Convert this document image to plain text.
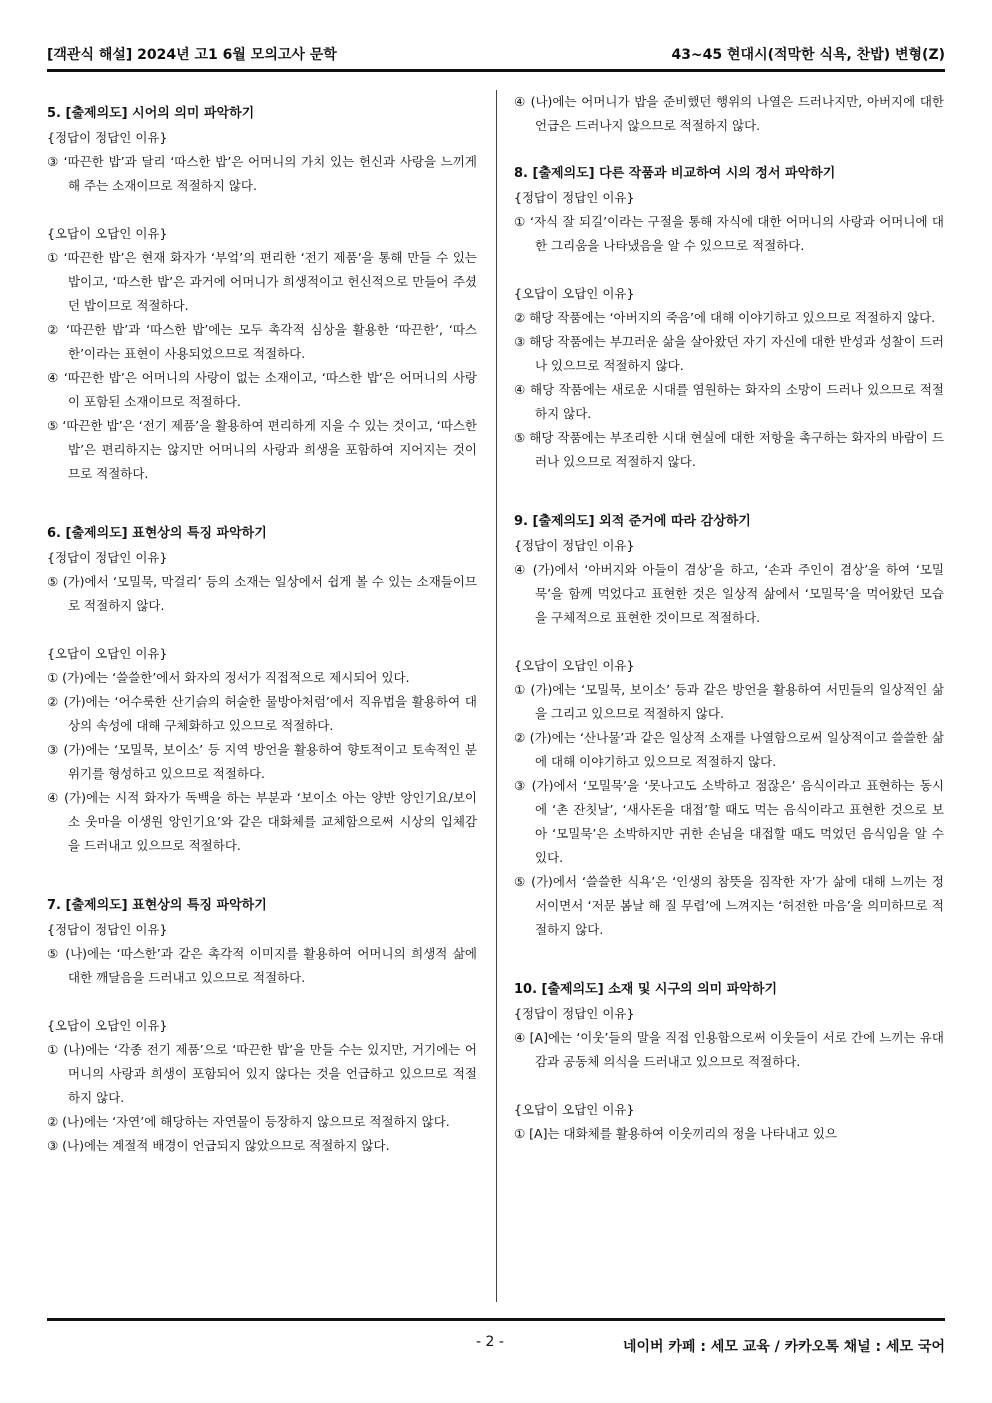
[객관식 해설] 2024년 고1 6월 모의고사 문학	43~45 현대시(적막한 식욕, 찬밥) 변형(Z)
5. [출제의도] 시어의 의미 파악하기
{정답이 정답인 이유}
③ ‘따끈한 밥’과 달리 ‘따스한 밥’은 어머니의 가치 있는 헌신과 사랑을 느끼게 해 주는 소재이므로 적절하지 않다.
{오답이 오답인 이유}
① ‘따끈한 밥’은 현재 화자가 ‘부엌’의 편리한 ‘전기 제품’을 통해 만들 수 있는 밥이고, ‘따스한 밥’은 과거에 어머니가 희생적이고 헌신적으로 만들어 주셨던 밥이므로 적절하다.
② ‘따끈한 밥’과 ‘따스한 밥’에는 모두 촉각적 심상을 활용한 ‘따끈한’, ‘따스한’이라는 표현이 사용되었으므로 적절하다.
④ ‘따끈한 밥’은 어머니의 사랑이 없는 소재이고, ‘따스한 밥’은 어머니의 사랑이 포함된 소재이므로 적절하다.
⑤ ‘따끈한 밥’은 ‘전기 제품’을 활용하여 편리하게 지을 수 있는 것이고, ‘따스한 밥’은 편리하지는 않지만 어머니의 사랑과 희생을 포함하여 지어지는 것이므로 적절하다.
6. [출제의도] 표현상의 특징 파악하기
{정답이 정답인 이유}
⑤ (가)에서 ‘모밀묵, 막걸리’ 등의 소재는 일상에서 쉽게 볼 수 있는 소재들이므로 적절하지 않다.
{오답이 오답인 이유}
① (가)에는 ‘쓸쓸한’에서 화자의 정서가 직접적으로 제시되어 있다.
② (가)에는 ‘어수룩한 산기슭의 허술한 물방아처럼’에서 직유법을 활용하여 대상의 속성에 대해 구체화하고 있으므로 적절하다.
③ (가)에는 ‘모밀묵, 보이소’ 등 지역 방언을 활용하여 향토적이고 토속적인 분위기를 형성하고 있으므로 적절하다.
④ (가)에는 시적 화자가 독백을 하는 부분과 ‘보이소 아는 양반 앙인기요/보이소 웃마을 이생원 앙인기요’와 같은 대화체를 교체함으로써 시상의 입체감을 드러내고 있으므로 적절하다.
7. [출제의도] 표현상의 특징 파악하기
{정답이 정답인 이유}
⑤ (나)에는 ‘따스한’과 같은 촉각적 이미지를 활용하여 어머니의 희생적 삶에 대한 깨달음을 드러내고 있으므로 적절하다.
{오답이 오답인 이유}
① (나)에는 ‘각종 전기 제품’으로 ‘따끈한 밥’을 만들 수는 있지만, 거기에는 어머니의 사랑과 희생이 포함되어 있지 않다는 것을 언급하고 있으므로 적절하지 않다.
② (나)에는 ‘자연’에 해당하는 자연물이 등장하지 않으므로 적절하지 않다.
③ (나)에는 계절적 배경이 언급되지 않았으므로 적절하지 않다.
④ (나)에는 어머니가 밥을 준비했던 행위의 나열은 드러나지만, 아버지에 대한 언급은 드러나지 않으므로 적절하지 않다.
8. [출제의도] 다른 작품과 비교하여 시의 정서 파악하기
{정답이 정답인 이유}
① ‘자식 잘 되길’이라는 구절을 통해 자식에 대한 어머니의 사랑과 어머니에 대한 그리움을 나타냈음을 알 수 있으므로 적절하다.
{오답이 오답인 이유}
② 해당 작품에는 ‘아버지의 죽음’에 대해 이야기하고 있으므로 적절하지 않다.
③ 해당 작품에는 부끄러운 삶을 살아왔던 자기 자신에 대한 반성과 성찰이 드러나 있으므로 적절하지 않다.
④ 해당 작품에는 새로운 시대를 염원하는 화자의 소망이 드러나 있으므로 적절하지 않다.
⑤ 해당 작품에는 부조리한 시대 현실에 대한 저항을 촉구하는 화자의 바람이 드러나 있으므로 적절하지 않다.
9. [출제의도] 외적 준거에 따라 감상하기
{정답이 정답인 이유}
④ (가)에서 ‘아버지와 아들이 겸상’을 하고, ‘손과 주인이 겸상’을 하여 ‘모밀묵’을 함께 먹었다고 표현한 것은 일상적 삶에서 ‘모밀묵’을 먹어왔던 모습을 구체적으로 표현한 것이므로 적절하다.
{오답이 오답인 이유}
① (가)에는 ‘모밀묵, 보이소’ 등과 같은 방언을 활용하여 서민들의 일상적인 삶을 그리고 있으므로 적절하지 않다.
② (가)에는 ‘산나물’과 같은 일상적 소재를 나열함으로써 일상적이고 쓸쓸한 삶에 대해 이야기하고 있으므로 적절하지 않다.
③ (가)에서 ‘모밀묵’을 ‘못나고도 소박하고 점잖은’ 음식이라고 표현하는 동시에 ‘촌 잔칫날’, ‘새사돈을 대접’할 때도 먹는 음식이라고 표현한 것으로 보아 ‘모밀묵’은 소박하지만 귀한 손님을 대접할 때도 먹었던 음식임을 알 수 있다.
⑤ (가)에서 ‘쓸쓸한 식욕’은 ‘인생의 참뜻을 짐작한 자’가 삶에 대해 느끼는 정서이면서 ‘저문 봄날 해 질 무렵’에 느껴지는 ‘허전한 마음’을 의미하므로 적절하지 않다.
10. [출제의도] 소재 및 시구의 의미 파악하기
{정답이 정답인 이유}
④ [A]에는 ‘이웃’들의 말을 직접 인용함으로써 이웃들이 서로 간에 느끼는 유대감과 공동체 의식을 드러내고 있으므로 적절하다.
{오답이 오답인 이유}
① [A]는 대화체를 활용하여 이웃끼리의 정을 나타내고 있으
- 2 -	네이버 카페 : 세모 교육 / 카카오톡 채널 : 세모 국어
